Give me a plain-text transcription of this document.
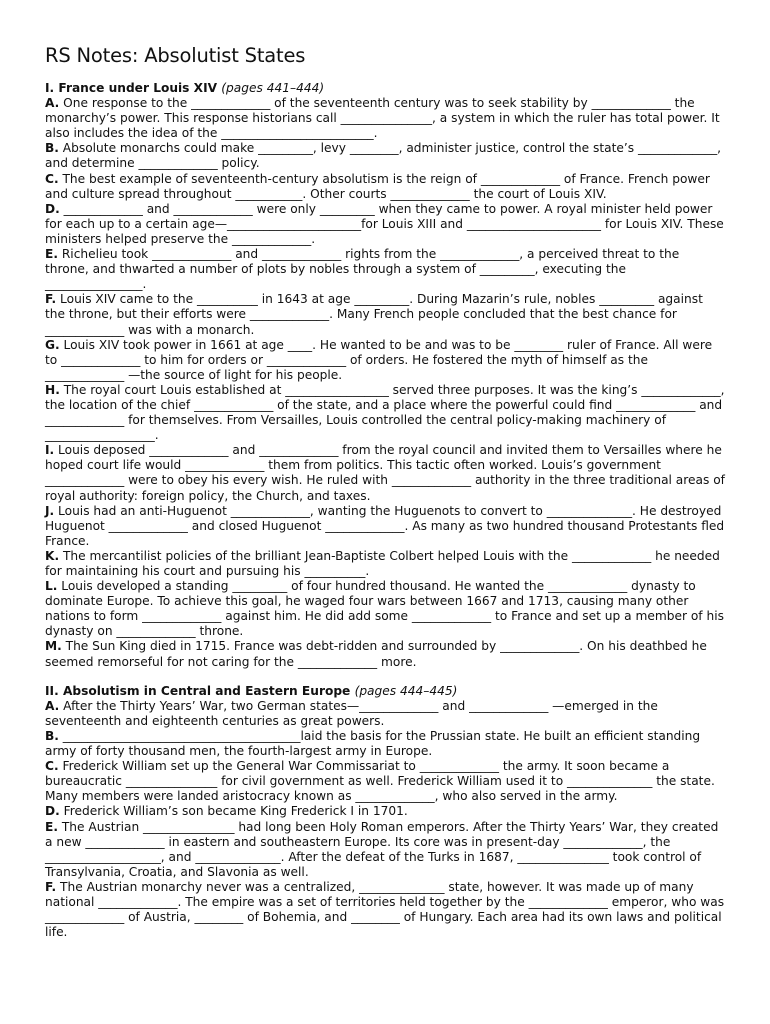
RS Notes: Absolutist States
I. France under Louis XIV (pages 441–444)

A. One response to the _____________ of the seventeenth century was to seek stability by _____________ the monarchy’s power. This response historians call _______________, a system in which the ruler has total power. It also includes the idea of the _________________________.

B. Absolute monarchs could make _________, levy ________, administer justice, control the state’s _____________, and determine _____________ policy.

C. The best example of seventeenth-century absolutism is the reign of _____________ of France. French power and culture spread throughout ___________. Other courts _____________ the court of Louis XIV.

D. _____________ and _____________ were only _________ when they came to power. A royal minister held power for each up to a certain age—______________________for Louis XIII and ______________________ for Louis XIV. These ministers helped preserve the _____________.

E. Richelieu took _____________ and _____________ rights from the _____________, a perceived threat to the throne, and thwarted a number of plots by nobles through a system of _________, executing the ________________.

F. Louis XIV came to the __________ in 1643 at age _________. During Mazarin’s rule, nobles _________ against the throne, but their efforts were _____________. Many French people concluded that the best chance for _____________ was with a monarch.

G. Louis XIV took power in 1661 at age ____. He wanted to be and was to be ________ ruler of France. All were to _____________ to him for orders or _____________ of orders. He fostered the myth of himself as the _____________ —the source of light for his people.

H. The royal court Louis established at _________________ served three purposes. It was the king’s _____________, the location of the chief _____________ of the state, and a place where the powerful could find _____________ and _____________ for themselves. From Versailles, Louis controlled the central policy-making machinery of __________________.

I. Louis deposed _____________ and _____________ from the royal council and invited them to Versailles where he hoped court life would _____________ them from politics. This tactic often worked. Louis’s government _____________ were to obey his every wish. He ruled with _____________ authority in the three traditional areas of royal authority: foreign policy, the Church, and taxes.

J. Louis had an anti-Huguenot _____________, wanting the Huguenots to convert to ______________. He destroyed Huguenot _____________ and closed Huguenot _____________. As many as two hundred thousand Protestants fled France.

K. The mercantilist policies of the brilliant Jean-Baptiste Colbert helped Louis with the _____________ he needed for maintaining his court and pursuing his __________.

L. Louis developed a standing _________ of four hundred thousand. He wanted the _____________ dynasty to dominate Europe. To achieve this goal, he waged four wars between 1667 and 1713, causing many other nations to form _____________ against him. He did add some _____________ to France and set up a member of his dynasty on _____________ throne.

M. The Sun King died in 1715. France was debt-ridden and surrounded by _____________. On his deathbed he seemed remorseful for not caring for the _____________ more.

II. Absolutism in Central and Eastern Europe (pages 444–445)

A. After the Thirty Years’ War, two German states—_____________ and _____________ —emerged in the seventeenth and eighteenth centuries as great powers.

B. _______________________________________laid the basis for the Prussian state. He built an efficient standing army of forty thousand men, the fourth-largest army in Europe.

C. Frederick William set up the General War Commissariat to _____________ the army. It soon became a bureaucratic _______________ for civil government as well. Frederick William used it to ______________ the state. Many members were landed aristocracy known as _____________, who also served in the army.

D. Frederick William’s son became King Frederick I in 1701.

E. The Austrian _______________ had long been Holy Roman emperors. After the Thirty Years’ War, they created a new _____________ in eastern and southeastern Europe. Its core was in present-day _____________, the ___________________, and ______________. After the defeat of the Turks in 1687, _______________ took control of Transylvania, Croatia, and Slavonia as well.

F. The Austrian monarchy never was a centralized, ______________ state, however. It was made up of many national _____________. The empire was a set of territories held together by the _____________ emperor, who was _____________ of Austria, ________ of Bohemia, and ________ of Hungary. Each area had its own laws and political life.
